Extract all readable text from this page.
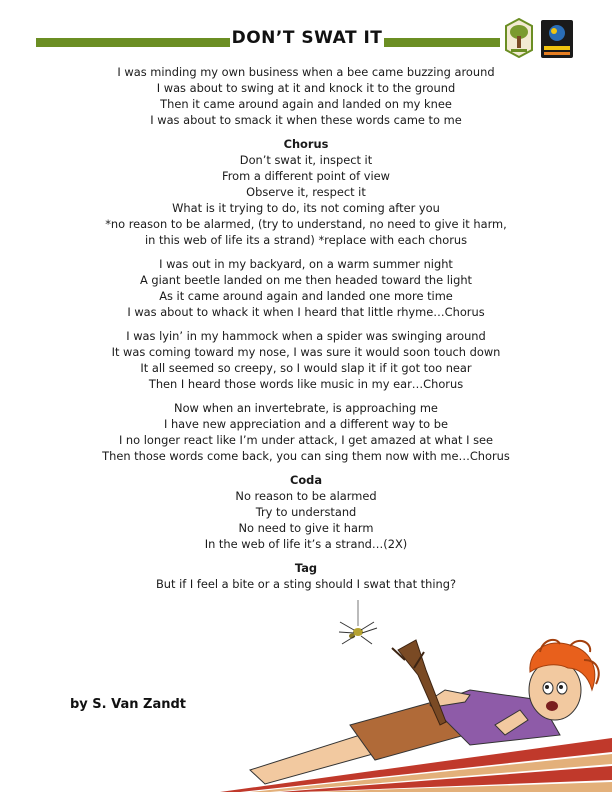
DON’T SWAT IT
I was minding my own business when a bee came buzzing around
I was about to swing at it and knock it to the ground
Then it came around again and landed on my knee
I was about to smack it when these words came to me
Chorus
Don’t swat it, inspect it
From a different point of view
Observe it, respect it
What is it trying to do, its not coming after you
*no reason to be alarmed, (try to understand, no need to give it harm,
in this web of life its a strand) *replace with each chorus
I was out in my backyard, on a warm summer night
A giant beetle landed on me then headed toward the light
As it came around again and landed one more time
I was about to whack it when I heard that little rhyme…Chorus
I was lyin’ in my hammock when a spider was swinging around
It was coming toward my nose, I was sure it would soon touch down
It all seemed so creepy, so I would slap it if it got too near
Then I heard those words like music in my ear…Chorus
Now when an invertebrate, is approaching me
I have new appreciation and a different way to be
I no longer react like I’m under attack, I get amazed at what I see
Then those words come back, you can sing them now with me…Chorus
Coda
No reason to be alarmed
Try to understand
No need to give it harm
In the web of life it’s a strand…(2X)
Tag
But if I feel a bite or a sting should I swat that thing?
by S. Van Zandt
